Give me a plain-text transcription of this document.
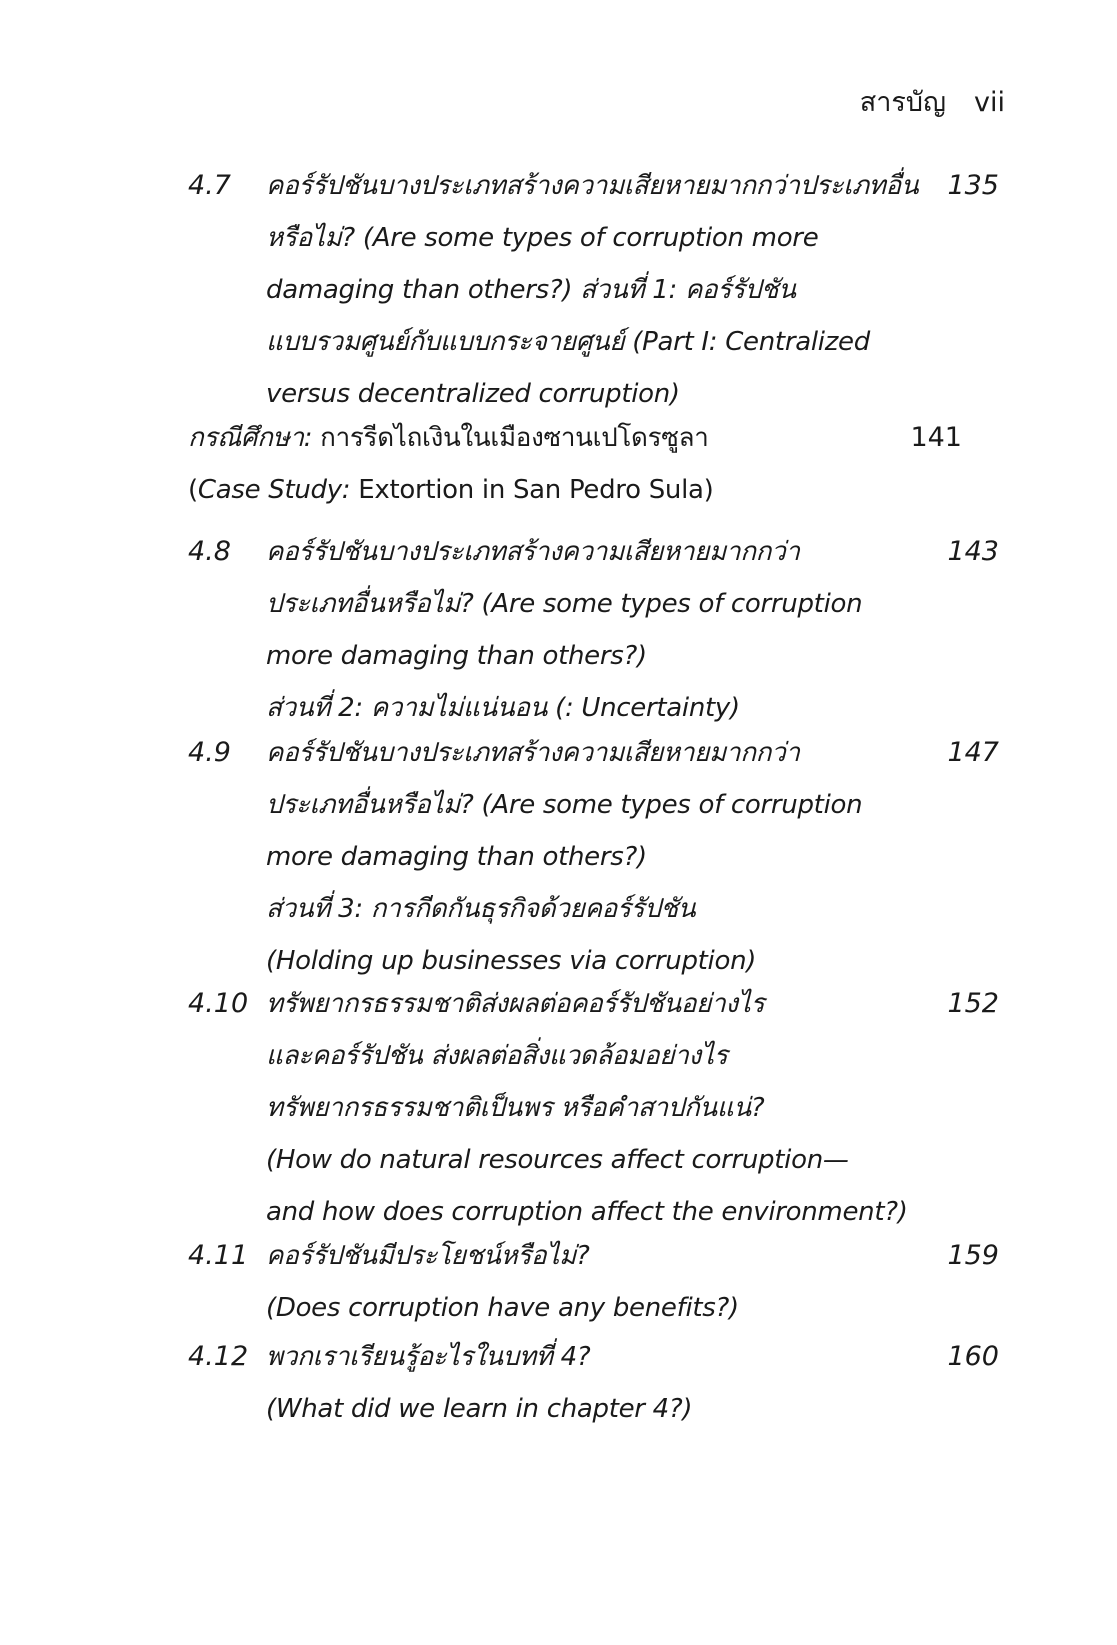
สารบัญ vii
4.7 คอร์รัปชันบางประเภทสร้างความเสียหายมากกว่าประเภทอื่น
หรือไม่? (Are some types of corruption more
damaging than others?) ส่วนที่ 1: คอร์รัปชัน
แบบรวมศูนย์กับแบบกระจายศูนย์ (Part I: Centralized
versus decentralized corruption)
135
กรณีศึกษา: การรีดไถเงินในเมืองซานเปโดรซูลา
(Case Study: Extortion in San Pedro Sula)
141
4.8 คอร์รัปชันบางประเภทสร้างความเสียหายมากกว่า
ประเภทอื่นหรือไม่? (Are some types of corruption
more damaging than others?)
ส่วนที่ 2: ความไม่แน่นอน (: Uncertainty)
143
4.9 คอร์รัปชันบางประเภทสร้างความเสียหายมากกว่า
ประเภทอื่นหรือไม่? (Are some types of corruption
more damaging than others?)
ส่วนที่ 3: การกีดกันธุรกิจด้วยคอร์รัปชัน
(Holding up businesses via corruption)
147
4.10 ทรัพยากรธรรมชาติส่งผลต่อคอร์รัปชันอย่างไร
และคอร์รัปชัน ส่งผลต่อสิ่งแวดล้อมอย่างไร
ทรัพยากรธรรมชาติเป็นพร หรือคำสาปกันแน่?
(How do natural resources affect corruption—
and how does corruption affect the environment?)
152
4.11 คอร์รัปชันมีประโยชน์หรือไม่?
(Does corruption have any benefits?)
159
4.12 พวกเราเรียนรู้อะไรในบทที่ 4?
(What did we learn in chapter 4?)
160
